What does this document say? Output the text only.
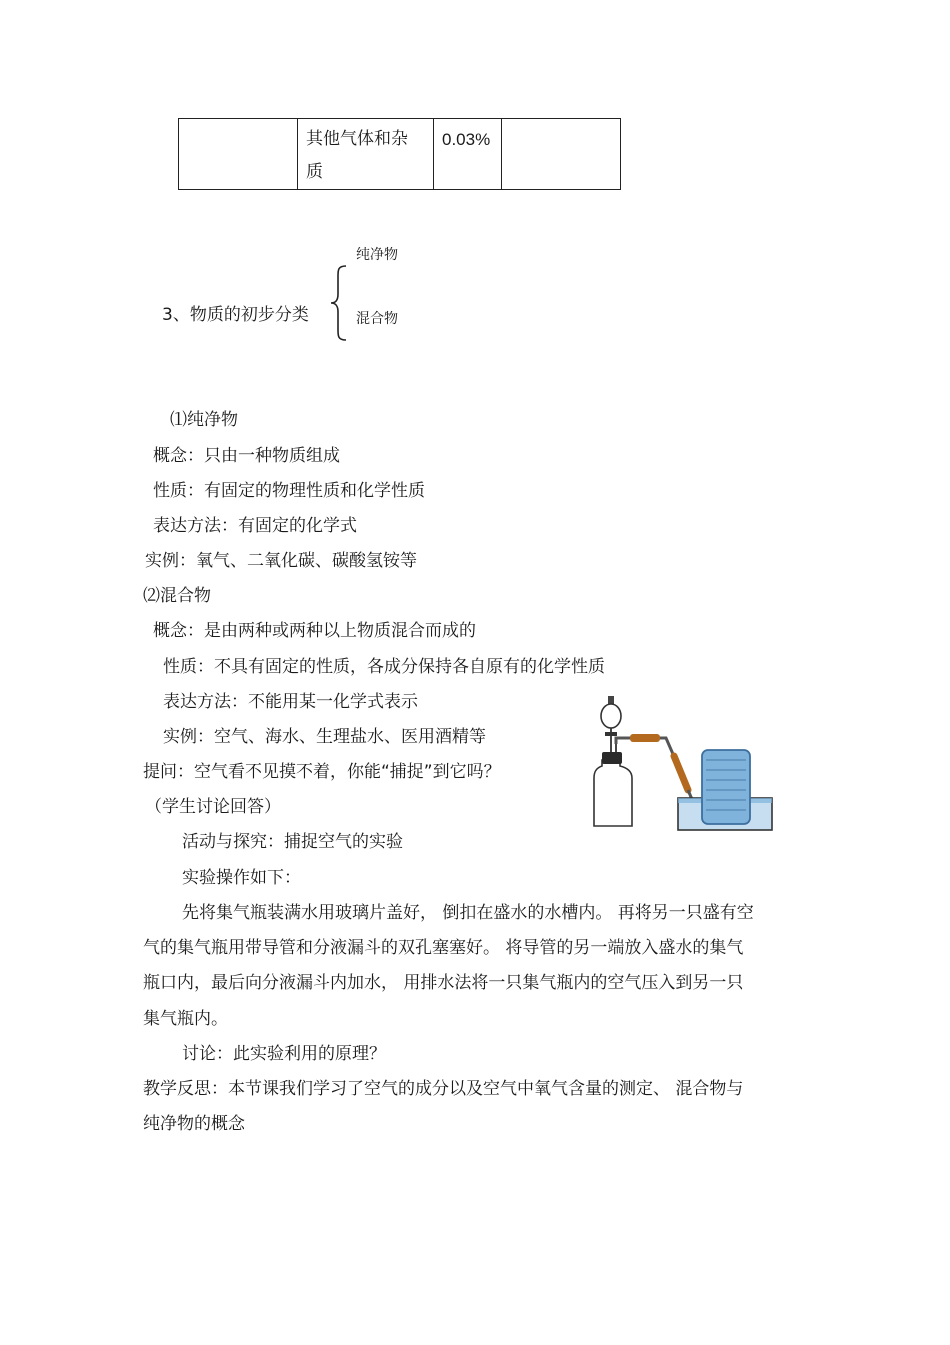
其他气体和杂
质
	0.03%	
纯净物
3、物质的初步分类	混合物
⑴纯净物
概念：只由一种物质组成
性质：有固定的物理性质和化学性质
表达方法：有固定的化学式
实例：氧气、二氧化碳、碳酸氢铵等
⑵混合物
概念：是由两种或两种以上物质混合而成的
性质：不具有固定的性质，各成分保持各自原有的化学性质
表达方法：不能用某一化学式表示
实例：空气、海水、生理盐水、医用酒精等
提问：空气看不见摸不着，你能“捕捉”到它吗？
（学生讨论回答）
活动与探究：捕捉空气的实验
实验操作如下：
先将集气瓶装满水用玻璃片盖好， 倒扣在盛水的水槽内。 再将另一只盛有空
气的集气瓶用带导管和分液漏斗的双孔塞塞好。 将导管的另一端放入盛水的集气
瓶口内，最后向分液漏斗内加水， 用排水法将一只集气瓶内的空气压入到另一只
集气瓶内。
讨论：此实验利用的原理？
教学反思：本节课我们学习了空气的成分以及空气中氧气含量的测定、 混合物与
纯净物的概念
